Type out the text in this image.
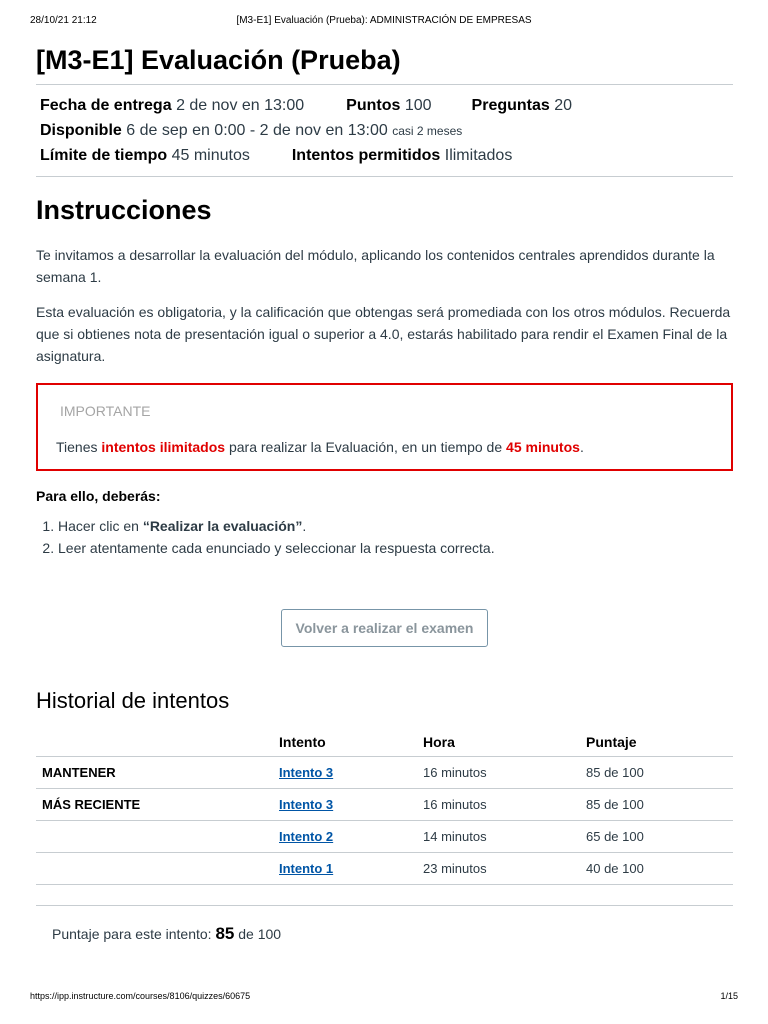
28/10/21 21:12	[M3-E1] Evaluación (Prueba): ADMINISTRACIÓN DE EMPRESAS
[M3-E1] Evaluación (Prueba)
Fecha de entrega 2 de nov en 13:00	Puntos 100	Preguntas 20
Disponible 6 de sep en 0:00 - 2 de nov en 13:00 casi 2 meses
Límite de tiempo 45 minutos	Intentos permitidos Ilimitados
Instrucciones

Te invitamos a desarrollar la evaluación del módulo, aplicando los contenidos centrales aprendidos durante la semana 1.

Esta evaluación es obligatoria, y la calificación que obtengas será promediada con los otros módulos. Recuerda que si obtienes nota de presentación igual o superior a 4.0, estarás habilitado para rendir el Examen Final de la asignatura.

IMPORTANTE
Tienes intentos ilimitados para realizar la Evaluación, en un tiempo de 45 minutos.

Para ello, deberás:

1. Hacer clic en “Realizar la evaluación”.
2. Leer atentamente cada enunciado y seleccionar la respuesta correcta.
Volver a realizar el examen
Historial de intentos
	Intento	Hora	Puntaje
MANTENER	Intento 3	16 minutos	85 de 100
MÁS RECIENTE	Intento 3	16 minutos	85 de 100
	Intento 2	14 minutos	65 de 100
	Intento 1	23 minutos	40 de 100
Puntaje para este intento: 85 de 100
https://ipp.instructure.com/courses/8106/quizzes/60675	1/15
